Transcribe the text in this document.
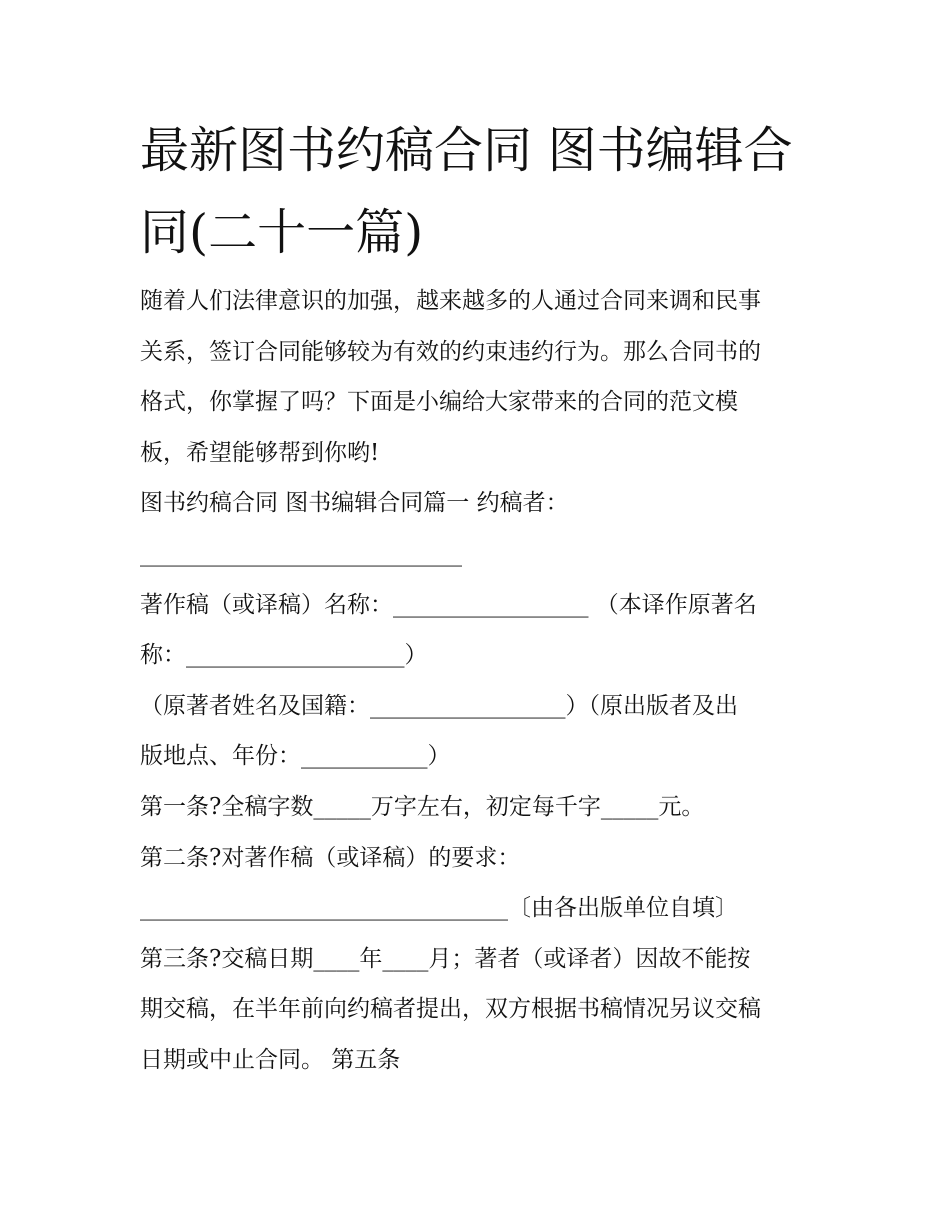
最新图书约稿合同 图书编辑合
同(二十一篇)
随着人们法律意识的加强，越来越多的人通过合同来调和民事
关系，签订合同能够较为有效的约束违约行为。那么合同书的
格式，你掌握了吗？下面是小编给大家带来的合同的范文模
板，希望能够帮到你哟!
图书约稿合同 图书编辑合同篇一 约稿者：
____________________________
著作稿（或译稿）名称：_________________ （本译作原著名
称：___________________）
（原著者姓名及国籍：_________________）（原出版者及出
版地点、年份：___________）
第一条?全稿字数_____万字左右，初定每千字_____元。
第二条?对著作稿（或译稿）的要求：
________________________________〔由各出版单位自填〕
第三条?交稿日期____年____月；著者（或译者）因故不能按
期交稿，在半年前向约稿者提出，双方根据书稿情况另议交稿
日期或中止合同。 第五条
